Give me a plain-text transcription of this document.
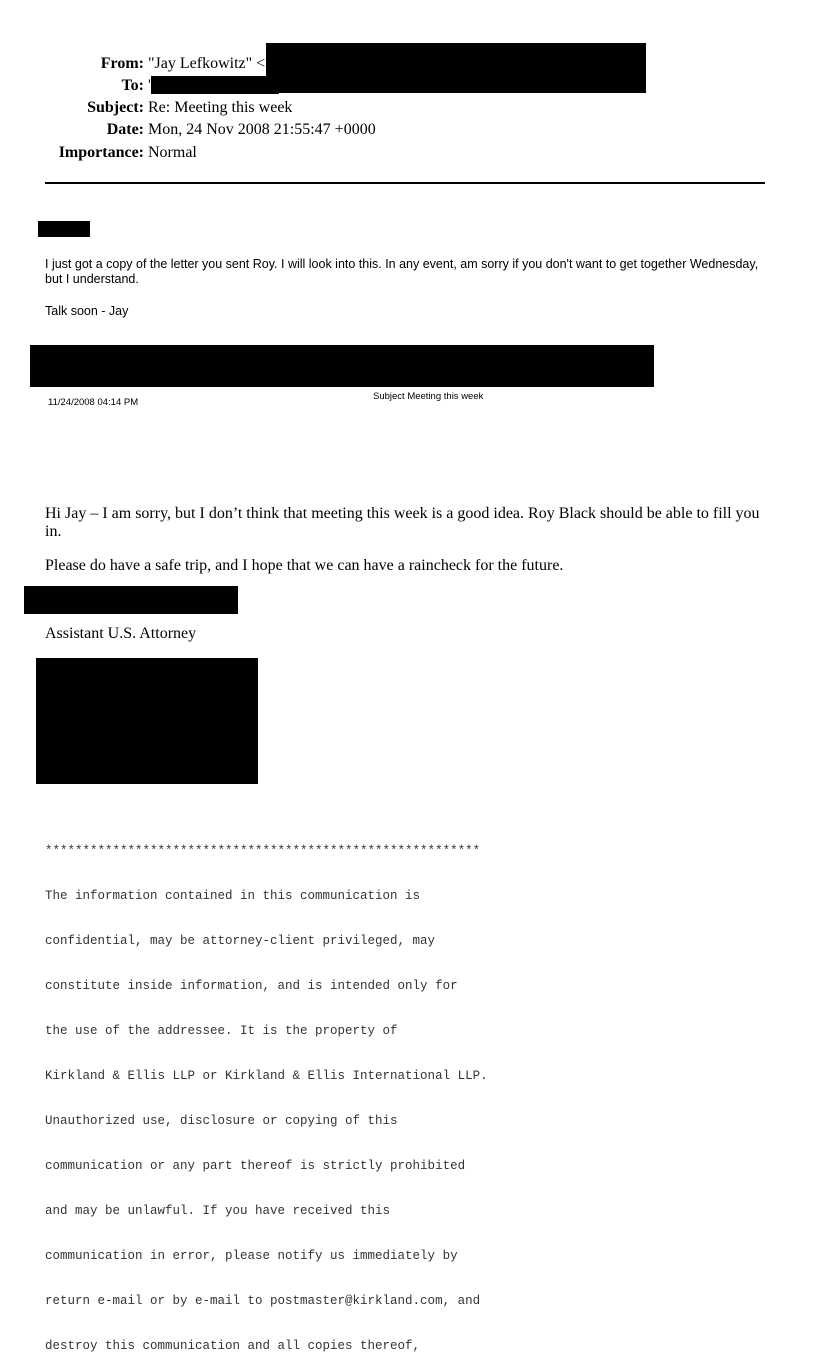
From: "Jay Lefkowitz" <
To: '
Subject: Re: Meeting this week
Date: Mon, 24 Nov 2008 21:55:47 +0000
Importance: Normal
I just got a copy of the letter you sent Roy. I will look into this. In any event, am sorry if you don't want to get together Wednesday, but I understand.
Talk soon - Jay
11/24/2008 04:14 PM
Subject Meeting this week
Hi Jay – I am sorry, but I don’t think that meeting this week is a good idea. Roy Black should be able to fill you in.
Please do have a safe trip, and I hope that we can have a raincheck for the future.
Assistant U.S. Attorney

**********************************************************

The information contained in this communication is

confidential, may be attorney-client privileged, may

constitute inside information, and is intended only for

the use of the addressee. It is the property of

Kirkland & Ellis LLP or Kirkland & Ellis International LLP.

Unauthorized use, disclosure or copying of this

communication or any part thereof is strictly prohibited

and may be unlawful. If you have received this

communication in error, please notify us immediately by

return e-mail or by e-mail to postmaster@kirkland.com, and

destroy this communication and all copies thereof,
